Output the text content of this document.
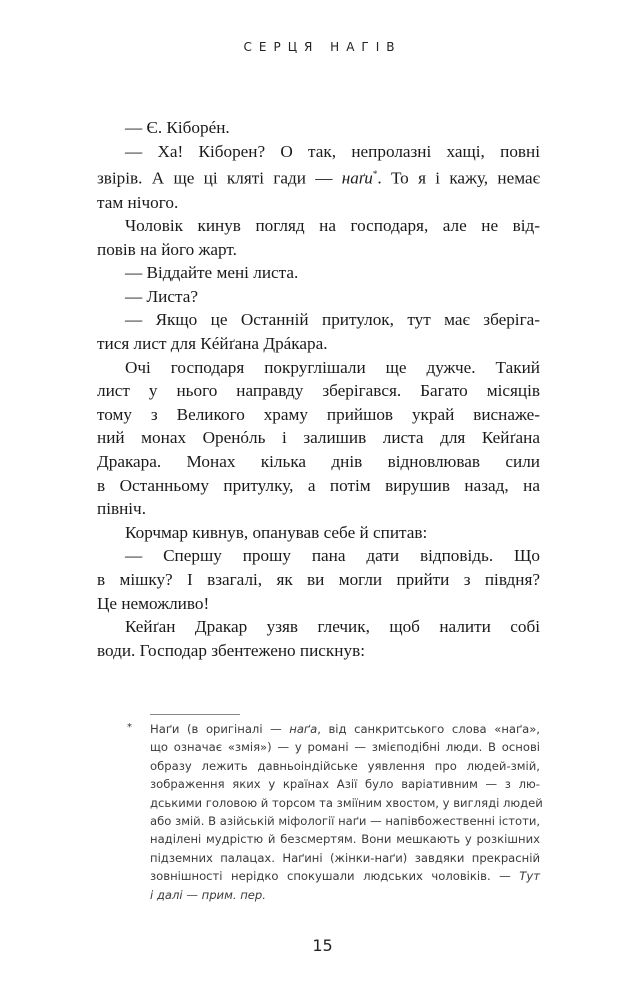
СЕРЦЯ НАГІВ
— Є. Кіборéн.
— Ха! Кіборен? О так, непролазні хащі, повні
звірів. А ще ці кляті гади — наґи*. То я і кажу, немає
там нічого.
Чоловік кинув погляд на господаря, але не від-
повів на його жарт.
— Віддайте мені листа.
— Листа?
— Якщо це Останній притулок, тут має зберіга-
тися лист для Кéйґана Дрáкара.
Очі господаря покруглішали ще дужче. Такий
лист у нього направду зберігався. Багато місяців
тому з Великого храму прийшов украй виснаже-
ний монах Оренóль і залишив листа для Кейґана
Дракара. Монах кілька днів відновлював сили
в Останньому притулку, а потім вирушив назад, на
північ.
Корчмар кивнув, опанував себе й спитав:
— Спершу прошу пана дати відповідь. Що
в мішку? І взагалі, як ви могли прийти з півдня?
Це неможливо!
Кейґан Дракар узяв глечик, щоб налити собі
води. Господар збентежено пискнув:
* Наґи (в оригіналі — наґа, від санкритського слова «наґа»,
що означає «змія») — у романі — змієподібні люди. В основі
образу лежить давньоіндійське уявлення про людей-змій,
зображення яких у країнах Азії було варіативним — з лю-
дськими головою й торсом та зміїним хвостом, у вигляді людей
або змій. В азійській міфології наґи — напівбожественні істоти,
наділені мудрістю й безсмертям. Вони мешкають у розкішних
підземних палацах. Наґині (жінки-наґи) завдяки прекрасній
зовнішності нерідко спокушали людських чоловіків. — Тут
і далі — прим. пер.
15
